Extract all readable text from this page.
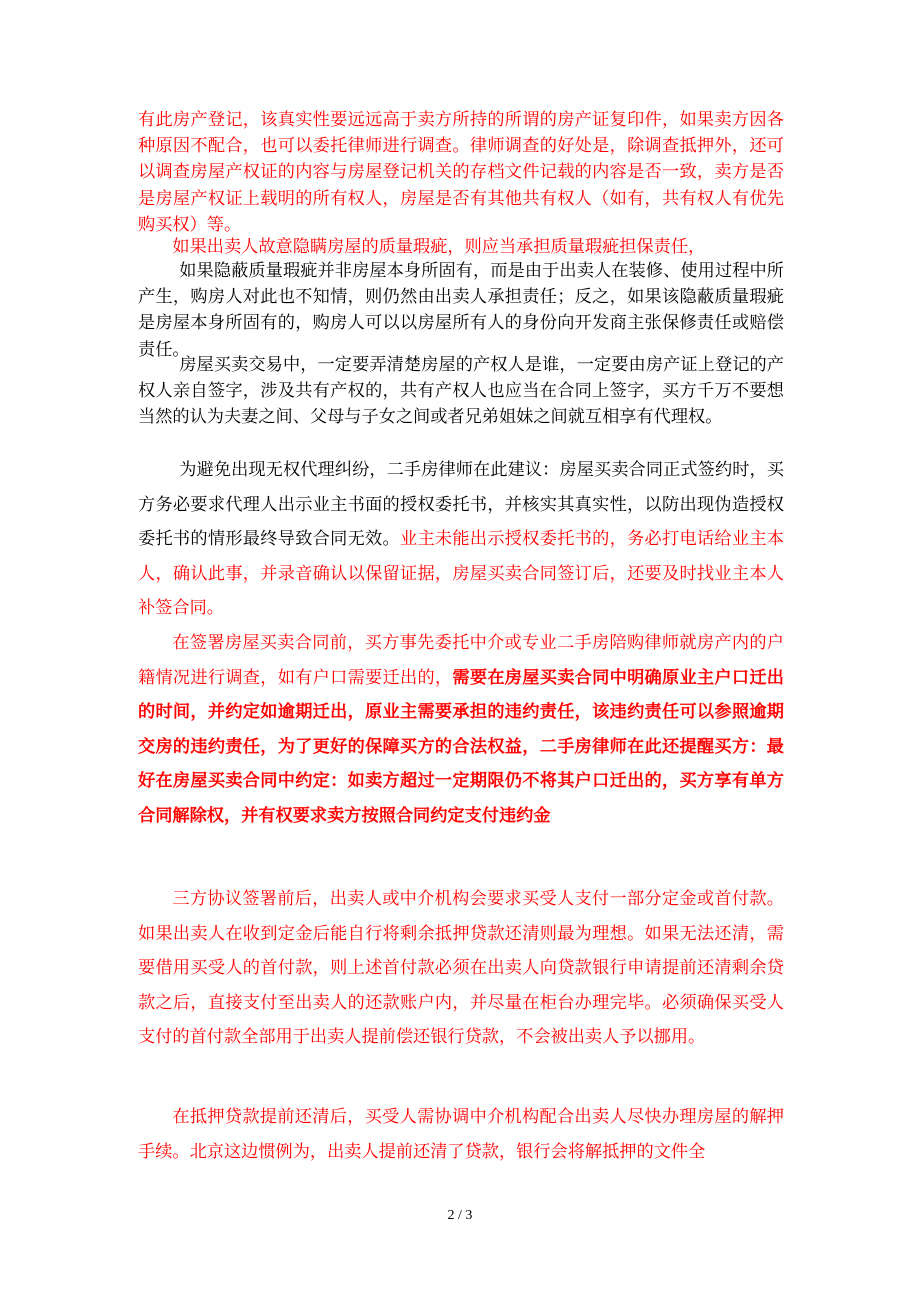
有此房产登记，该真实性要远远高于卖方所持的所谓的房产证复印件，如果卖方因各种原因不配合，也可以委托律师进行调查。律师调查的好处是，除调查抵押外，还可以调查房屋产权证的内容与房屋登记机关的存档文件记载的内容是否一致，卖方是否是房屋产权证上载明的所有权人，房屋是否有其他共有权人（如有，共有权人有优先购买权）等。

如果出卖人故意隐瞒房屋的质量瑕疵，则应当承担质量瑕疵担保责任，

如果隐蔽质量瑕疵并非房屋本身所固有，而是由于出卖人在装修、使用过程中所产生，购房人对此也不知情，则仍然由出卖人承担责任；反之，如果该隐蔽质量瑕疵是房屋本身所固有的，购房人可以以房屋所有人的身份向开发商主张保修责任或赔偿责任。

房屋买卖交易中，一定要弄清楚房屋的产权人是谁，一定要由房产证上登记的产权人亲自签字，涉及共有产权的，共有产权人也应当在合同上签字，买方千万不要想当然的认为夫妻之间、父母与子女之间或者兄弟姐妹之间就互相享有代理权。

为避免出现无权代理纠纷，二手房律师在此建议：房屋买卖合同正式签约时，买方务必要求代理人出示业主书面的授权委托书，并核实其真实性，以防出现伪造授权委托书的情形最终导致合同无效。业主未能出示授权委托书的，务必打电话给业主本人，确认此事，并录音确认以保留证据，房屋买卖合同签订后，还要及时找业主本人补签合同。

在签署房屋买卖合同前，买方事先委托中介或专业二手房陪购律师就房产内的户籍情况进行调查，如有户口需要迁出的，需要在房屋买卖合同中明确原业主户口迁出的时间，并约定如逾期迁出，原业主需要承担的违约责任，该违约责任可以参照逾期交房的违约责任，为了更好的保障买方的合法权益，二手房律师在此还提醒买方：最好在房屋买卖合同中约定：如卖方超过一定期限仍不将其户口迁出的，买方享有单方合同解除权，并有权要求卖方按照合同约定支付违约金

三方协议签署前后，出卖人或中介机构会要求买受人支付一部分定金或首付款。如果出卖人在收到定金后能自行将剩余抵押贷款还清则最为理想。如果无法还清，需要借用买受人的首付款，则上述首付款必须在出卖人向贷款银行申请提前还清剩余贷款之后，直接支付至出卖人的还款账户内，并尽量在柜台办理完毕。必须确保买受人支付的首付款全部用于出卖人提前偿还银行贷款，不会被出卖人予以挪用。

在抵押贷款提前还清后，买受人需协调中介机构配合出卖人尽快办理房屋的解押手续。北京这边惯例为，出卖人提前还清了贷款，银行会将解抵押的文件全

2 / 3
